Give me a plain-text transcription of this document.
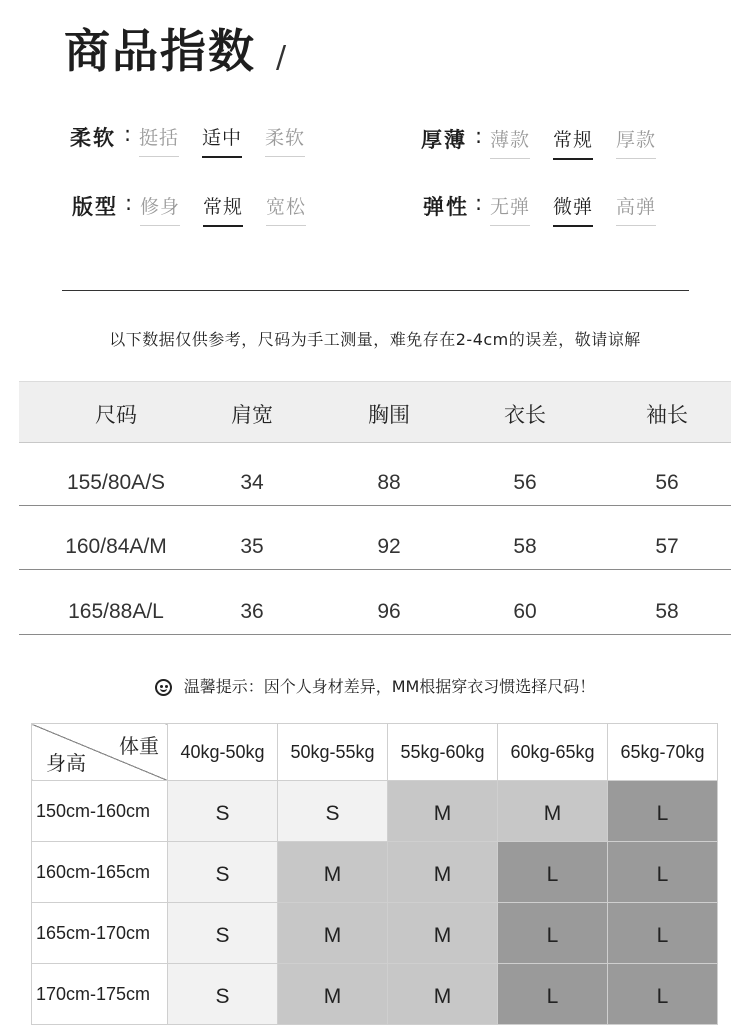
商品指数 /
柔软 : 挺括 适中 柔软	厚薄 : 薄款 常规 厚款
版型 : 修身 常规 宽松	弹性 : 无弹 微弹 高弹
以下数据仅供参考，尺码为手工测量，难免存在2-4cm的误差，敬请谅解
尺码	肩宽	胸围	衣长	袖长
155/80A/S	34	88	56	56
160/84A/M	35	92	58	57
165/88A/L	36	96	60	58
温馨提示：因个人身材差异，MM根据穿衣习惯选择尺码！
体重
身高	40kg-50kg	50kg-55kg	55kg-60kg	60kg-65kg	65kg-70kg
150cm-160cm	S	S	M	M	L
160cm-165cm	S	M	M	L	L
165cm-170cm	S	M	M	L	L
170cm-175cm	S	M	M	L	L
